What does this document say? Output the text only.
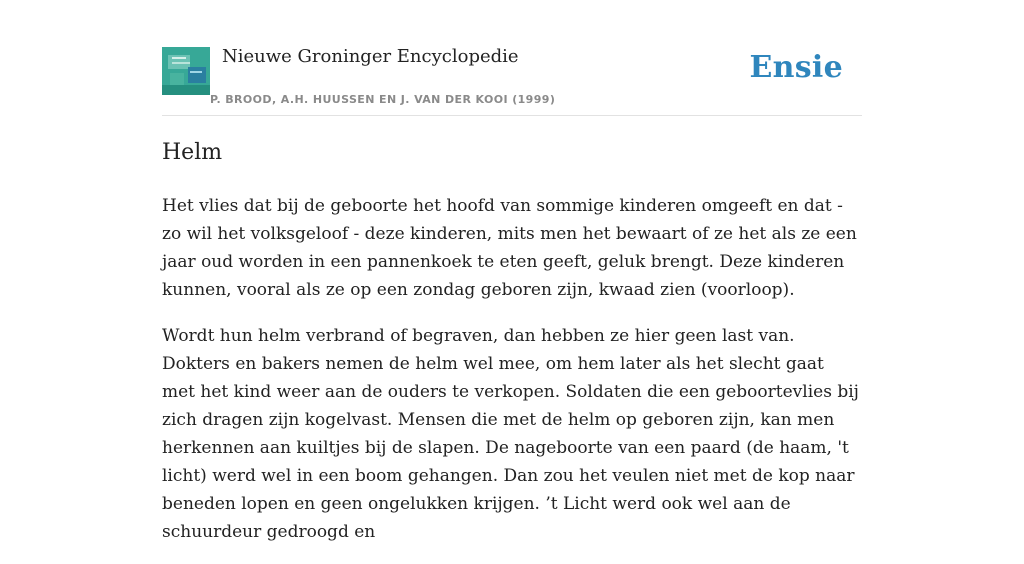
Nieuwe Groninger Encyclopedie
P. BROOD, A.H. HUUSSEN EN J. VAN DER KOOI (1999)
Ensie
Helm

Het vlies dat bij de geboorte het hoofd van sommige kinderen omgeeft en dat - zo wil het volksgeloof - deze kinderen, mits men het bewaart of ze het als ze een jaar oud worden in een pannenkoek te eten geeft, geluk brengt. Deze kinderen kunnen, vooral als ze op een zondag geboren zijn, kwaad zien (voorloop).

Wordt hun helm verbrand of begraven, dan hebben ze hier geen last van. Dokters en bakers nemen de helm wel mee, om hem later als het slecht gaat met het kind weer aan de ouders te verkopen. Soldaten die een geboortevlies bij zich dragen zijn kogelvast. Mensen die met de helm op geboren zijn, kan men herkennen aan kuiltjes bij de slapen. De nageboorte van een paard (de haam, 't licht) werd wel in een boom gehangen. Dan zou het veulen niet met de kop naar beneden lopen en geen ongelukken krijgen. ’t Licht werd ook wel aan de schuurdeur gedroogd en
